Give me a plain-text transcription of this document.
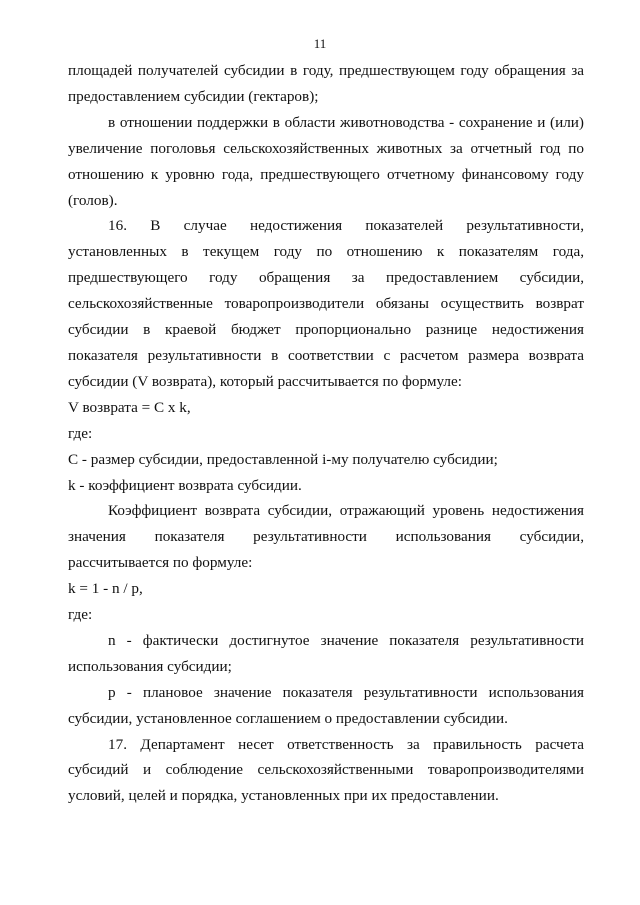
11

площадей получателей субсидии в году, предшествующем году обращения за предоставлением субсидии (гектаров);

в отношении поддержки в области животноводства - сохранение и (или) увеличение поголовья сельскохозяйственных животных за отчетный год по отношению к уровню года, предшествующего отчетному финансовому году (голов).

16. В случае недостижения показателей результативности, установленных в текущем году по отношению к показателям года, предшествующего году обращения за предоставлением субсидии, сельскохозяйственные товаропроизводители обязаны осуществить возврат субсидии в краевой бюджет пропорционально разнице недостижения показателя результативности в соответствии с расчетом размера возврата субсидии (V возврата), который рассчитывается по формуле:

V возврата = C x k,

где:

C - размер субсидии, предоставленной i-му получателю субсидии;

k - коэффициент возврата субсидии.

Коэффициент возврата субсидии, отражающий уровень недостижения значения показателя результативности использования субсидии, рассчитывается по формуле:

k = 1 - n / p,

где:

n - фактически достигнутое значение показателя результативности использования субсидии;

p - плановое значение показателя результативности использования субсидии, установленное соглашением о предоставлении субсидии.

17. Департамент несет ответственность за правильность расчета субсидий и соблюдение сельскохозяйственными товаропроизводителями условий, целей и порядка, установленных при их предоставлении.
